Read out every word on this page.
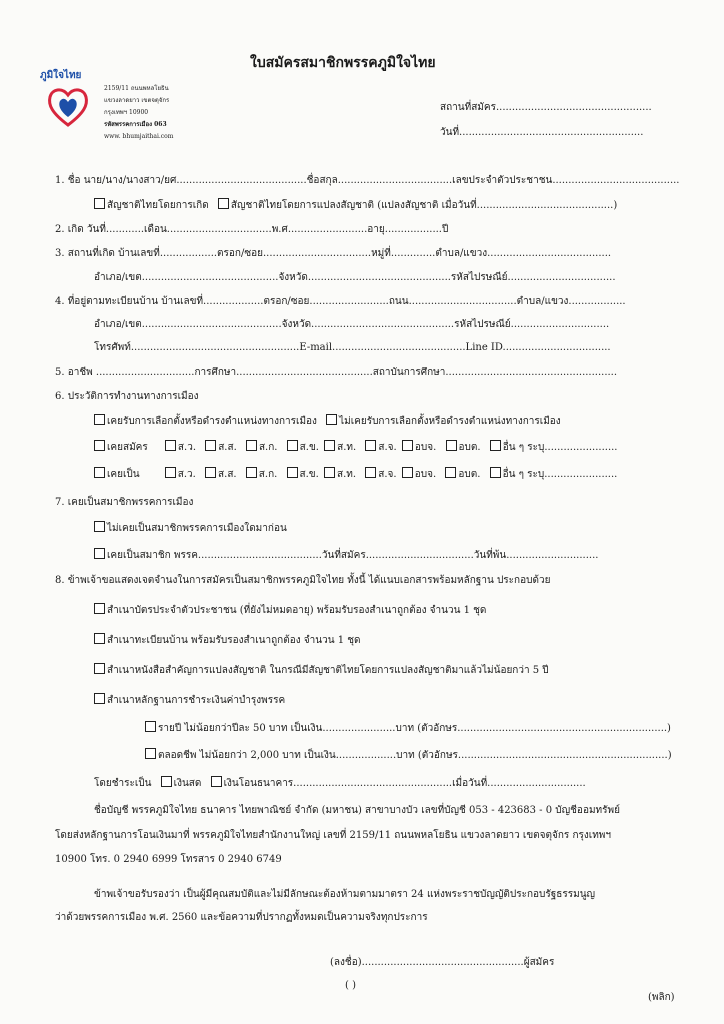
ใบสมัครสมาชิกพรรคภูมิใจไทย
ภูมิใจไทย
2159/11 ถนนพหลโยธิน
แขวงลาดยาว เขตจตุจักร
กรุงเทพฯ 10900
รหัสพรรคการเมือง 063
www. bhumjaithai.com
สถานที่สมัคร.................................................
วันที่..........................................................
1. ชื่อ นาย/นาง/นางสาว/ยศ.........................................ชื่อสกุล....................................เลขประจำตัวประชาชน........................................
สัญชาติไทยโดยการเกิด สัญชาติไทยโดยการแปลงสัญชาติ (แปลงสัญชาติ เมื่อวันที่...........................................)
2. เกิด วันที่............เดือน.................................พ.ศ.........................อายุ..................ปี
3. สถานที่เกิด บ้านเลขที่..................ตรอก/ซอย..................................หมู่ที่..............ตำบล/แขวง.......................................
อำเภอ/เขต...........................................จังหวัด.............................................รหัสไปรษณีย์..................................
4. ที่อยู่ตามทะเบียนบ้าน บ้านเลขที่...................ตรอก/ซอย.........................ถนน..................................ตำบล/แขวง..................
อำเภอ/เขต............................................จังหวัด.............................................รหัสไปรษณีย์...............................
โทรศัพท์.....................................................E-mail..........................................Line ID..................................
5. อาชีพ ...............................การศึกษา...........................................สถาบันการศึกษา......................................................
6. ประวัติการทำงานทางการเมือง
เคยรับการเลือกตั้งหรือดำรงตำแหน่งทางการเมือง ไม่เคยรับการเลือกตั้งหรือดำรงตำแหน่งทางการเมือง
เคยสมัคร	ส.ว. ส.ส. ส.ก. ส.ข. ส.ท. ส.จ. อบจ. อบต. อื่น ๆ ระบุ.......................
เคยเป็น	ส.ว. ส.ส. ส.ก. ส.ข. ส.ท. ส.จ. อบจ. อบต. อื่น ๆ ระบุ.......................
7. เคยเป็นสมาชิกพรรคการเมือง
ไม่เคยเป็นสมาชิกพรรคการเมืองใดมาก่อน
เคยเป็นสมาชิก พรรค.......................................วันที่สมัคร..................................วันที่พ้น.............................
8. ข้าพเจ้าขอแสดงเจตจำนงในการสมัครเป็นสมาชิกพรรคภูมิใจไทย ทั้งนี้ ได้แนบเอกสารพร้อมหลักฐาน ประกอบด้วย
สำเนาบัตรประจำตัวประชาชน (ที่ยังไม่หมดอายุ) พร้อมรับรองสำเนาถูกต้อง จำนวน 1 ชุด
สำเนาทะเบียนบ้าน พร้อมรับรองสำเนาถูกต้อง จำนวน 1 ชุด
สำเนาหนังสือสำคัญการแปลงสัญชาติ ในกรณีมีสัญชาติไทยโดยการแปลงสัญชาติมาแล้วไม่น้อยกว่า 5 ปี
สำเนาหลักฐานการชำระเงินค่าบำรุงพรรค
รายปี ไม่น้อยกว่าปีละ 50 บาท เป็นเงิน.......................บาท (ตัวอักษร..................................................................)
ตลอดชีพ ไม่น้อยกว่า 2,000 บาท เป็นเงิน...................บาท (ตัวอักษร..................................................................)
โดยชำระเป็น เงินสด เงินโอนธนาคาร..................................................เมื่อวันที่...............................
ชื่อบัญชี พรรคภูมิใจไทย ธนาคาร ไทยพาณิชย์ จำกัด (มหาชน) สาขาบางบัว เลขที่บัญชี 053 - 423683 - 0 บัญชีออมทรัพย์
โดยส่งหลักฐานการโอนเงินมาที่ พรรคภูมิใจไทยสำนักงานใหญ่ เลขที่ 2159/11 ถนนพหลโยธิน แขวงลาดยาว เขตจตุจักร กรุงเทพฯ
10900 โทร. 0 2940 6999 โทรสาร 0 2940 6749
ข้าพเจ้าขอรับรองว่า เป็นผู้มีคุณสมบัติและไม่มีลักษณะต้องห้ามตามมาตรา 24 แห่งพระราชบัญญัติประกอบรัฐธรรมนูญ
ว่าด้วยพรรคการเมือง พ.ศ. 2560 และข้อความที่ปรากฏทั้งหมดเป็นความจริงทุกประการ
(ลงชื่อ)...................................................ผู้สมัคร
( )
(พลิก)
